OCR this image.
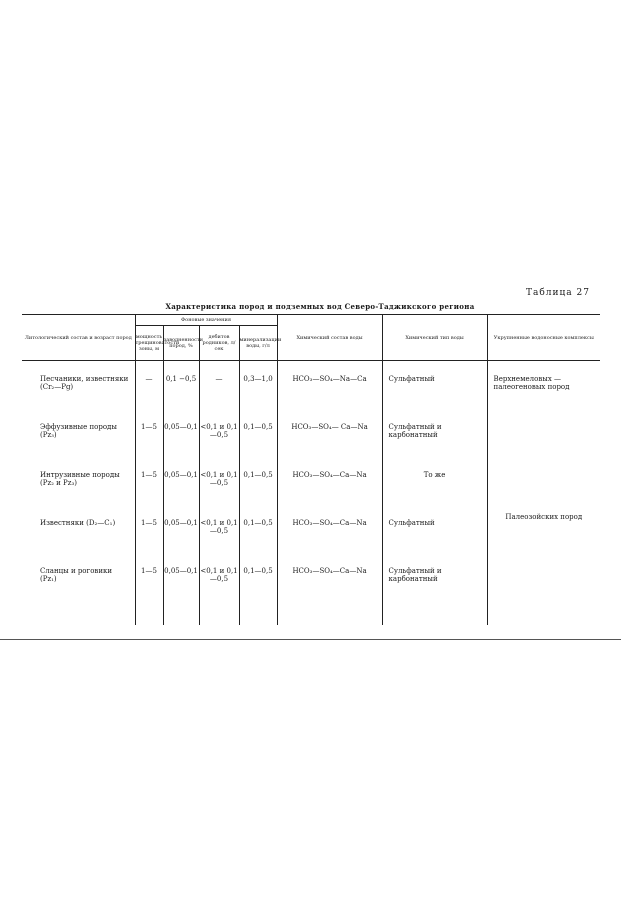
Таблица 27
Характеристика пород и подземных вод Северо-Таджикского региона
Литологический состав и возраст пород	Фоновые значения				Химический состав воды	Химический тип воды	Укрупненные водоносные комплексы
	мощность трещиноватости зоны, м	заводненности пород, %	дебитов родников, л/сек	минерализации воды, г/л			

Песчаники, известняки
(Cr₂—Pg)	—	0,1 −0,5	—	0,3—1,0	HCO₃—SO₄—Na—Ca	Сульфатный	Верхнемеловых — палеогеновых пород

Эффузивные породы
(Pz₃)	1—5	0,05—0,1	<0,1 и 0,1—0,5	0,1—0,5	HCO₃—SO₄— Ca—Na	Сульфатный и карбонатный	Палеозойских пород

Интрузивные породы
(Pz₂ и Pz₃)	1—5	0,05—0,1	<0,1 и 0,1—0,5	0,1—0,5	HCO₃—SO₄—Ca—Na	То же	

Известняки (D₂—C₁)	1—5	0,05—0,1	<0,1 и 0,1—0,5	0,1—0,5	HCO₃—SO₄—Ca—Na	Сульфатный	

Сланцы и роговики
(Pz₁)	1—5	0,05—0,1	<0,1 и 0,1—0,5	0,1—0,5	HCO₃—SO₄—Ca—Na	Сульфатный и карбонатный	
